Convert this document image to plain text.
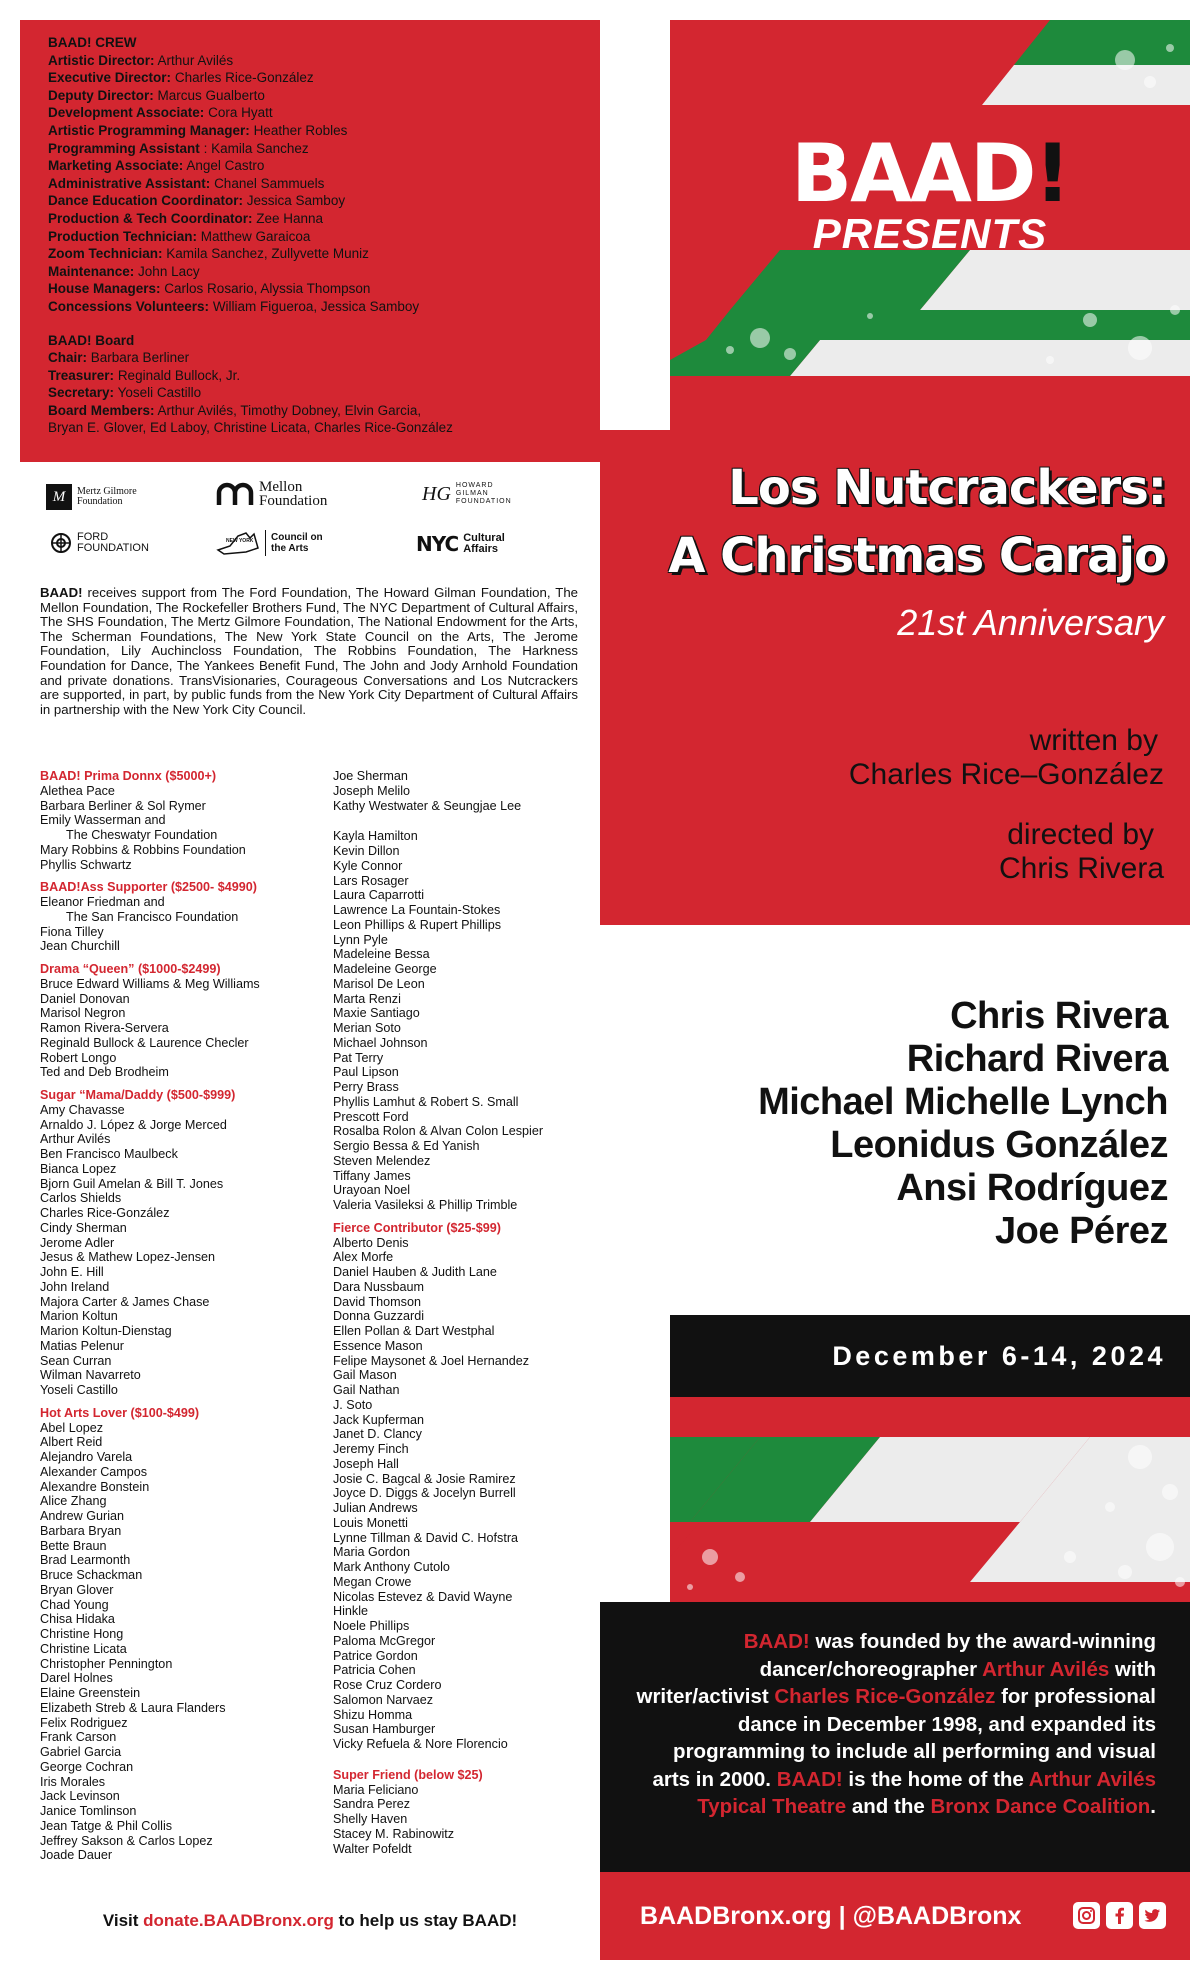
BAAD! CREW
Artistic Director: Arthur Avilés
Executive Director: Charles Rice-González
Deputy Director: Marcus Gualberto
Development Associate: Cora Hyatt
Artistic Programming Manager: Heather Robles
Programming Assistant : Kamila Sanchez
Marketing Associate: Angel Castro
Administrative Assistant: Chanel Sammuels
Dance Education Coordinator: Jessica Samboy
Production & Tech Coordinator: Zee Hanna
Production Technician: Matthew Garaicoa
Zoom Technician: Kamila Sanchez, Zullyvette Muniz
Maintenance: John Lacy
House Managers: Carlos Rosario, Alyssia Thompson
Concessions Volunteers: William Figueroa, Jessica Samboy
BAAD! Board
Chair: Barbara Berliner
Treasurer: Reginald Bullock, Jr.
Secretary: Yoseli Castillo
Board Members: Arthur Avilés, Timothy Dobney, Elvin Garcia,
Bryan E. Glover, Ed Laboy, Christine Licata, Charles Rice-González
M	Mertz Gilmore
Foundation
Mellon
Foundation	HG HOWARD
GILMAN
FOUNDATION
FORD
FOUNDATION
NEW YORK Council on
the Arts	NYC Cultural
Affairs
BAAD! receives support from The Ford Foundation, The Howard Gilman Foundation, The Mellon Foundation, The Rockefeller Brothers Fund, The NYC Department of Cultural Affairs, The SHS Foundation, The Mertz Gilmore Foundation, The National Endowment for the Arts, The Scherman Foundations, The New York State Council on the Arts, The Jerome Foundation, Lily Auchincloss Foundation, The Robbins Foundation, The Harkness Foundation for Dance, The Yankees Benefit Fund, The John and Jody Arnhold Foundation and private donations. TransVisionaries, Courageous Conversations and Los Nutcrackers are supported, in part, by public funds from the New York City Department of Cultural Affairs in partnership with the New York City Council.
BAAD! Prima Donnx ($5000+)
Alethea Pace
Barbara Berliner & Sol Rymer
Emily Wasserman and
The Cheswatyr Foundation
Mary Robbins & Robbins Foundation
Phyllis Schwartz
BAAD!Ass Supporter ($2500- $4990)
Eleanor Friedman and
The San Francisco Foundation
Fiona Tilley
Jean Churchill
Drama “Queen” ($1000-$2499)
Bruce Edward Williams & Meg Williams
Daniel Donovan
Marisol Negron
Ramon Rivera-Servera
Reginald Bullock & Laurence Checler
Robert Longo
Ted and Deb Brodheim
Sugar “Mama/Daddy ($500-$999)
Amy Chavasse
Arnaldo J. López & Jorge Merced
Arthur Avilés
Ben Francisco Maulbeck
Bianca Lopez
Bjorn Guil Amelan & Bill T. Jones
Carlos Shields
Charles Rice-González
Cindy Sherman
Jerome Adler
Jesus & Mathew Lopez-Jensen
John E. Hill
John Ireland
Majora Carter & James Chase
Marion Koltun
Marion Koltun-Dienstag
Matias Pelenur
Sean Curran
Wilman Navarreto
Yoseli Castillo
Hot Arts Lover ($100-$499)
Abel Lopez
Albert Reid
Alejandro Varela
Alexander Campos
Alexandre Bonstein
Alice Zhang
Andrew Gurian
Barbara Bryan
Bette Braun
Brad Learmonth
Bruce Schackman
Bryan Glover
Chad Young
Chisa Hidaka
Christine Hong
Christine Licata
Christopher Pennington
Darel Holnes
Elaine Greenstein
Elizabeth Streb & Laura Flanders
Felix Rodriguez
Frank Carson
Gabriel Garcia
George Cochran
Iris Morales
Jack Levinson
Janice Tomlinson
Jean Tatge & Phil Collis
Jeffrey Sakson & Carlos Lopez
Joade Dauer
Joe Sherman
Joseph Melilo
Kathy Westwater & Seungjae Lee
Kayla Hamilton
Kevin Dillon
Kyle Connor
Lars Rosager
Laura Caparrotti
Lawrence La Fountain-Stokes
Leon Phillips & Rupert Phillips
Lynn Pyle
Madeleine Bessa
Madeleine George
Marisol De Leon
Marta Renzi
Maxie Santiago
Merian Soto
Michael Johnson
Pat Terry
Paul Lipson
Perry Brass
Phyllis Lamhut & Robert S. Small
Prescott Ford
Rosalba Rolon & Alvan Colon Lespier
Sergio Bessa & Ed Yanish
Steven Melendez
Tiffany James
Urayoan Noel
Valeria Vasileksi & Phillip Trimble
Fierce Contributor ($25-$99)
Alberto Denis
Alex Morfe
Daniel Hauben & Judith Lane
Dara Nussbaum
David Thomson
Donna Guzzardi
Ellen Pollan & Dart Westphal
Essence Mason
Felipe Maysonet & Joel Hernandez
Gail Mason
Gail Nathan
J. Soto
Jack Kupferman
Janet D. Clancy
Jeremy Finch
Joseph Hall
Josie C. Bagcal & Josie Ramirez
Joyce D. Diggs & Jocelyn Burrell
Julian Andrews
Louis Monetti
Lynne Tillman & David C. Hofstra
Maria Gordon
Mark Anthony Cutolo
Megan Crowe
Nicolas Estevez & David Wayne
Hinkle
Noele Phillips
Paloma McGregor
Patrice Gordon
Patricia Cohen
Rose Cruz Cordero
Salomon Narvaez
Shizu Homma
Susan Hamburger
Vicky Refuela & Nore Florencio
Super Friend (below $25)
Maria Feliciano
Sandra Perez
Shelly Haven
Stacey M. Rabinowitz
Walter Pofeldt
Visit donate.BAADBronx.org to help us stay BAAD!
BAAD!
PRESENTS
Los Nutcrackers:
A Christmas Carajo
21st Anniversary
written by
Charles Rice–González
directed by
Chris Rivera
Chris Rivera
Richard Rivera
Michael Michelle Lynch
Leonidus González
Ansi Rodríguez
Joe Pérez
December 6-14, 2024
BAAD! was founded by the award-winning dancer/choreographer Arthur Avilés with writer/activist Charles Rice-González for professional dance in December 1998, and expanded its programming to include all performing and visual arts in 2000. BAAD! is the home of the Arthur Avilés Typical Theatre and the Bronx Dance Coalition.
BAADBronx.org | @BAADBronx
